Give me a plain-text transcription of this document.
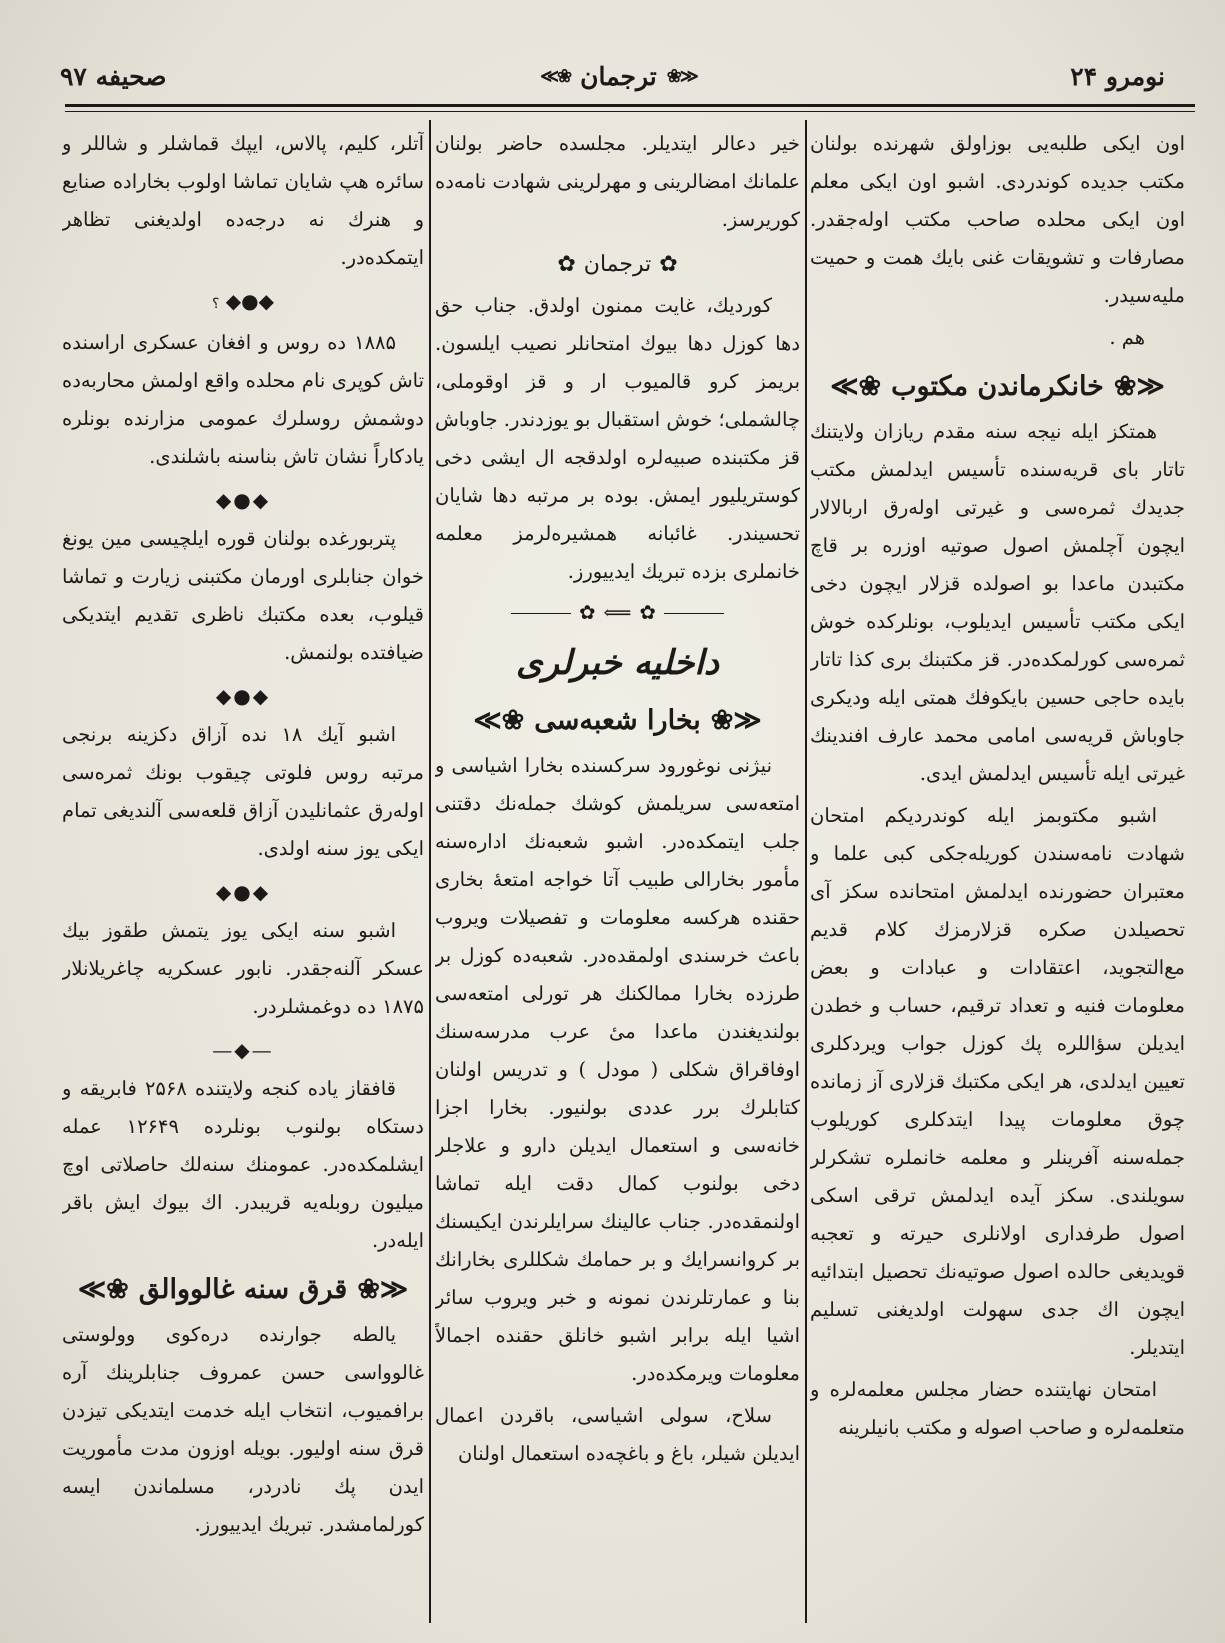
نومرو ۲۴
≪❀
ترجمان
❀≫
صحیفه ۹۷

اون ایکی طلبه‌یی بوزاولق شهرنده بولنان مکتب جدیده کوندردی. اشبو اون ایکی معلم اون ایکی محلده صاحب مکتب اوله‌جقدر. مصارفات و تشویقات غنی بایك همت و حمیت ملیه‌سیدر.

هم .

≪❀
خانکرماندن مکتوب
❀≫

همتکز ایله نیجه سنه مقدم ریازان ولایتنك تاتار بای قریه‌سنده تأسیس ایدلمش مکتب جدیدك ثمره‌سی و غیرتی اوله‌رق اربالالار ایچون آچلمش اصول صوتیه اوزره بر قاچ مکتبدن ماعدا بو اصولده قزلار ایچون دخی ایکی مکتب تأسیس ایدیلوب، بونلرکده خوش ثمره‌سی کورلمکده‌در. قز مکتبنك بری کذا تاتار بایده حاجی حسین بایکوفك همتی ایله ودیکری جاوباش قریه‌سی امامی محمد عارف افندینك غیرتی ایله تأسیس ایدلمش ایدی.

اشبو مکتوبمز ایله کوندردیکم امتحان شهادت نامه‌سندن کوریله‌جکی کبی علما و معتبران حضورنده ایدلمش امتحانده سکز آی تحصیلدن صکره قزلارمزك کلام قدیم مع‌التجوید، اعتقادات و عبادات و بعض معلومات فنیه و تعداد ترقیم، حساب و خطدن ایدیلن سؤاللره پك کوزل جواب ویردکلری تعیین ایدلدی، هر ایکی مکتبك قزلاری آز زمانده چوق معلومات پیدا ایتدکلری کوریلوب جمله‌سنه آفرینلر و معلمه خانملره تشکرلر سویلندی. سکز آیده ایدلمش ترقی اسکی اصول طرفداری اولانلری حیرته و تعجبه قویدیغی حالده اصول صوتیه‌نك تحصیل ابتدائیه ایچون اك جدی سهولت اولدیغنی تسلیم ایتدیلر.

امتحان نهایتنده حضار مجلس معلمه‌لره و متعلمه‌لره و صاحب اصوله و مکتب بانیلرینه

خیر دعالر ایتدیلر. مجلسده حاضر بولنان علمانك امضالرینی و مهرلرینی شهادت نامه‌ده کوریرسز.

✿
ترجمان
✿

کوردیك، غایت ممنون اولدق. جناب حق دها کوزل دها بیوك امتحانلر نصیب ایلسون. بریمز کرو قالمیوب ار و قز اوقوملی، چالشملی؛ خوش استقبال بو یوزدندر. جاوباش قز مکتبنده صبیه‌لره اولدقجه ال ایشی دخی کوستریلیور ایمش. بوده بر مرتبه دها شایان تحسیندر. غائبانه همشیره‌لرمز معلمه خانملری بزده تبریك ایدییورز.

✿
⟸
✿
داخلیه خبرلری
≪❀
بخارا شعبه‌سی
❀≫

نیژنی نوغورود سرکسنده بخارا اشیاسی و امتعه‌سی سریلمش کوشك جمله‌نك دقتنی جلب ایتمکده‌در. اشبو شعبه‌نك اداره‌سنه مأمور بخارالی طبیب آتا خواجه امتعهٔ بخاری حقنده هرکسه معلومات و تفصیلات ویروب باعث خرسندی اولمقده‌در. شعبه‌ده کوزل بر طرزده بخارا ممالکنك هر تورلی امتعه‌سی بولندیغندن ماعدا میٔ عرب مدرسه‌سنك اوفاقراق شکلی ( مودل ) و تدریس اولنان کتابلرك برر عددی بولنیور. بخارا اجزا خانه‌سی و استعمال ایدیلن دارو و علاجلر دخی بولنوب کمال دقت ایله تماشا اولنمقده‌در. جناب عالینك سرایلرندن ایکیسنك بر کروانسرایك و بر حمامك شکللری بخارانك بنا و عمارتلرندن نمونه و خبر ویروب سائر اشیا ایله برابر اشبو خانلق حقنده اجمالاً معلومات ویرمکده‌در.

سلاح، سولی اشیاسی، باقردن اعمال ایدیلن شیلر، باغ و باغچه‌ده استعمال اولنان

آتلر، کلیم، پالاس، ایپك قماشلر و شاللر و سائره هپ شایان تماشا اولوب بخاراده صنایع و هنرك نه درجه‌ده اولدیغنی تظاهر ایتمکده‌در.

◆●◆ ؟

۱۸۸۵ ده روس و افغان عسکری اراسنده تاش کوپری نام محلده واقع اولمش محاربه‌ده دوشمش روسلرك عمومی مزارنده بونلره یادکاراً نشان تاش بناسنه باشلندی.

◆●◆

پتربورغده بولنان قوره ایلچیسی مین یونغ خوان جنابلری اورمان مکتبنی زیارت و تماشا قیلوب، بعده مکتبك ناظری تقدیم ایتدیکی ضیافتده بولنمش.

◆●◆

اشبو آیك ۱۸ نده آزاق دکزینه برنجی مرتبه روس فلوتی چیقوب بونك ثمره‌سی اوله‌رق عثمانلیدن آزاق قلعه‌سی آلندیغی تمام ایکی یوز سنه اولدی.

◆●◆

اشبو سنه ایکی یوز یتمش طقوز بیك عسکر آلنه‌جقدر. نابور عسکریه چاغریلانلار ۱۸۷۵ ده دوغمشلردر.

—◆—

قافقاز یاده کنجه ولایتنده ۲۵۶۸ فابریقه و دستکاه بولنوب بونلرده ۱۲۶۴۹ عمله ایشلمکده‌در. عمومنك سنه‌لك حاصلاتی اوچ میلیون روبله‌یه قریبدر. اك بیوك ایش باقر ایله‌در.

≪❀
قرق سنه غالووالق
❀≫

یالطه جوارنده دره‌کوی وولوستی غالوواسی حسن عمروف جنابلرینك آره برافمیوب، انتخاب ایله خدمت ایتدیکی تیزدن قرق سنه اولیور. بویله اوزون مدت مأموریت ایدن پك نادردر، مسلماندن ایسه کورلمامشدر. تبریك ایدییورز.
